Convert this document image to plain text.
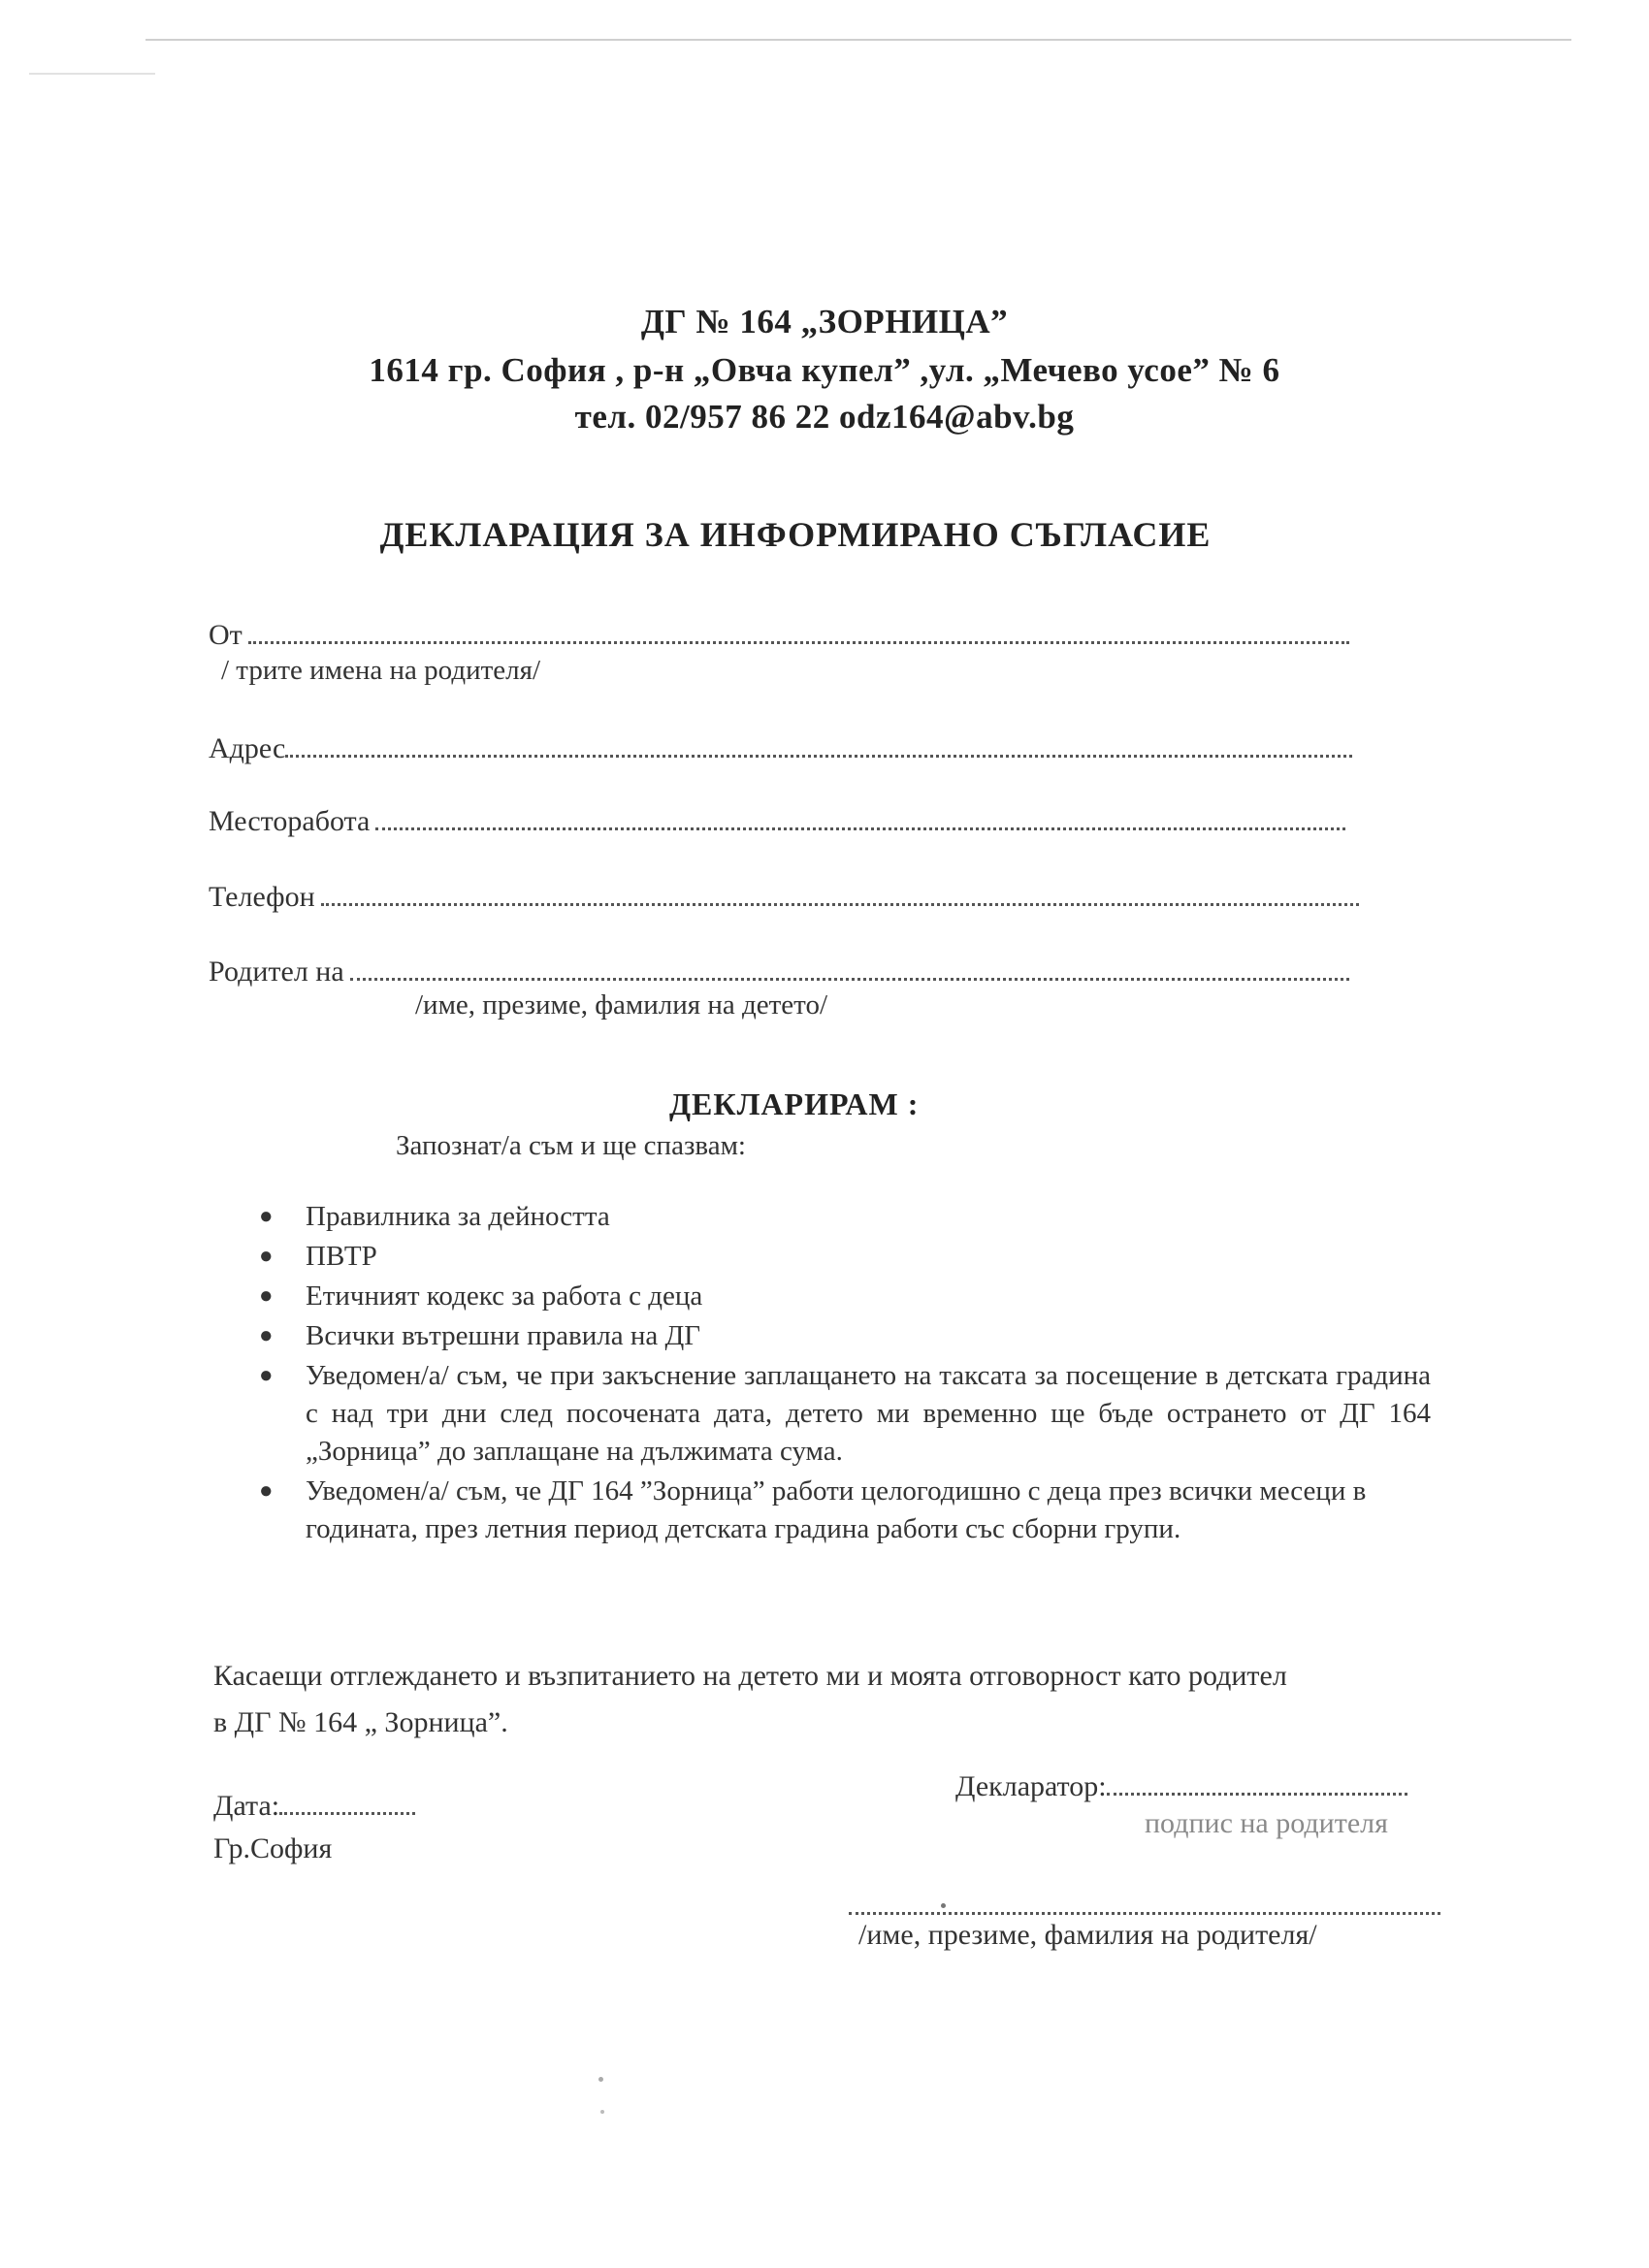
ДГ № 164 „ЗОРНИЦА”
1614 гр. София , р-н „Овча купел” ,ул. „Мечево усое” № 6
тел. 02/957 86 22 odz164@abv.bg
ДЕКЛАРАЦИЯ ЗА ИНФОРМИРАНО СЪГЛАСИЕ
От
/ трите имена на родителя/
Адрес
Месторабота
Телефон
Родител на
/име, презиме, фамилия на детето/
ДЕКЛАРИРАМ :
Запознат/а съм и ще спазвам:
● Правилника за дейността
● ПВТР
● Етичният кодекс за работа с деца
● Всички вътрешни правила на ДГ
● Уведомен/а/ съм, че при закъснение заплащането на таксата за посещение в детската градина с над три дни след посочената дата, детето ми временно ще бъде острането от ДГ 164 „Зорница” до заплащане на дължимата сума.
● Уведомен/а/ съм, че ДГ 164 ”Зорница” работи целогодишно с деца през всички месеци в годината, през летния период детската градина работи със сборни групи.
Касаещи отглеждането и възпитанието на детето ми и моята отговорност като родител
в ДГ № 164 „ Зорница”.
Дата:
Гр.София
Декларатор:
подпис на родителя
/име, презиме, фамилия на родителя/
